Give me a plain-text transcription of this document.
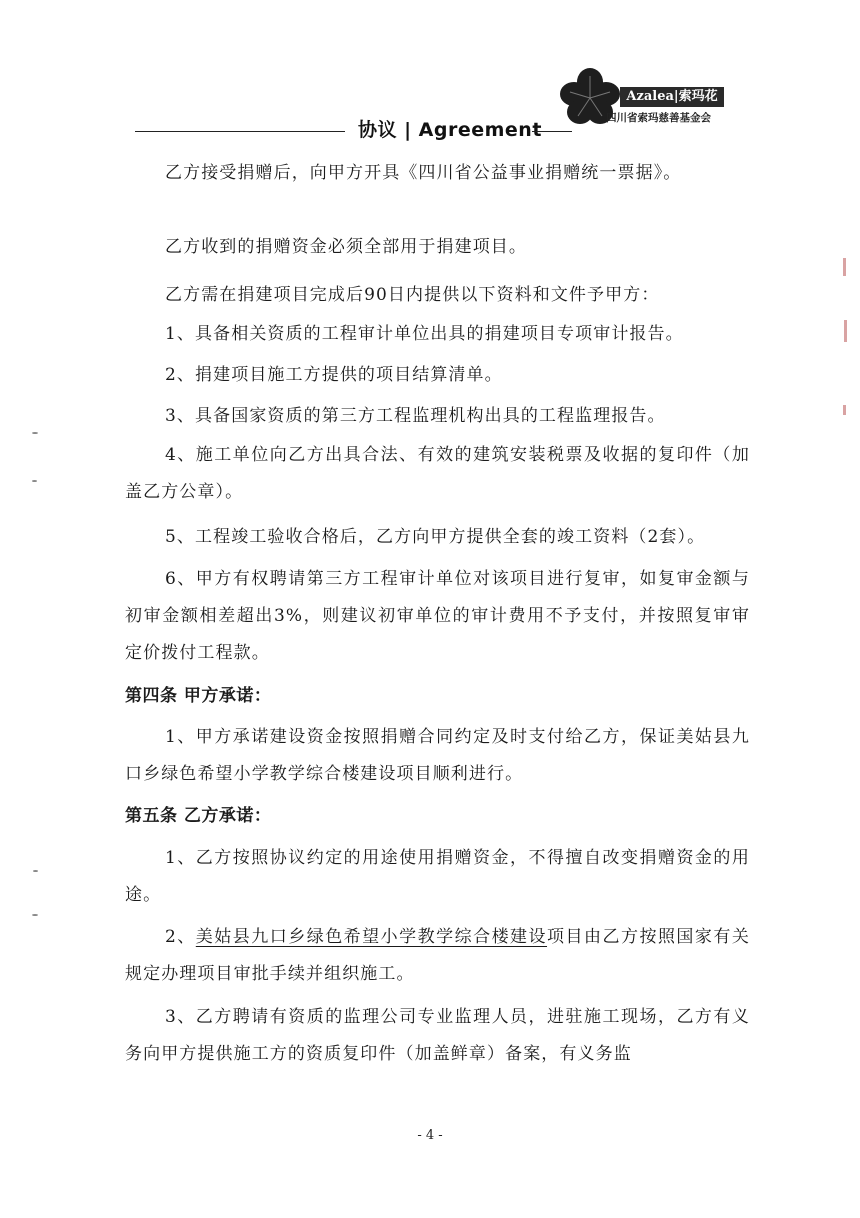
协议 | Agreement
Azalea|索玛花
四川省索玛慈善基金会
乙方接受捐赠后，向甲方开具《四川省公益事业捐赠统一票据》。
乙方收到的捐赠资金必须全部用于捐建项目。
乙方需在捐建项目完成后90日内提供以下资料和文件予甲方：
1、具备相关资质的工程审计单位出具的捐建项目专项审计报告。
2、捐建项目施工方提供的项目结算清单。
3、具备国家资质的第三方工程监理机构出具的工程监理报告。
4、施工单位向乙方出具合法、有效的建筑安装税票及收据的复印件（加盖乙方公章）。
5、工程竣工验收合格后，乙方向甲方提供全套的竣工资料（2套）。
6、甲方有权聘请第三方工程审计单位对该项目进行复审，如复审金额与初审金额相差超出3%，则建议初审单位的审计费用不予支付，并按照复审审定价拨付工程款。
第四条 甲方承诺：
1、甲方承诺建设资金按照捐赠合同约定及时支付给乙方，保证美姑县九口乡绿色希望小学教学综合楼建设项目顺利进行。
第五条 乙方承诺：
1、乙方按照协议约定的用途使用捐赠资金，不得擅自改变捐赠资金的用途。
2、美姑县九口乡绿色希望小学教学综合楼建设项目由乙方按照国家有关规定办理项目审批手续并组织施工。
3、乙方聘请有资质的监理公司专业监理人员，进驻施工现场，乙方有义务向甲方提供施工方的资质复印件（加盖鲜章）备案，有义务监
- 4 -
